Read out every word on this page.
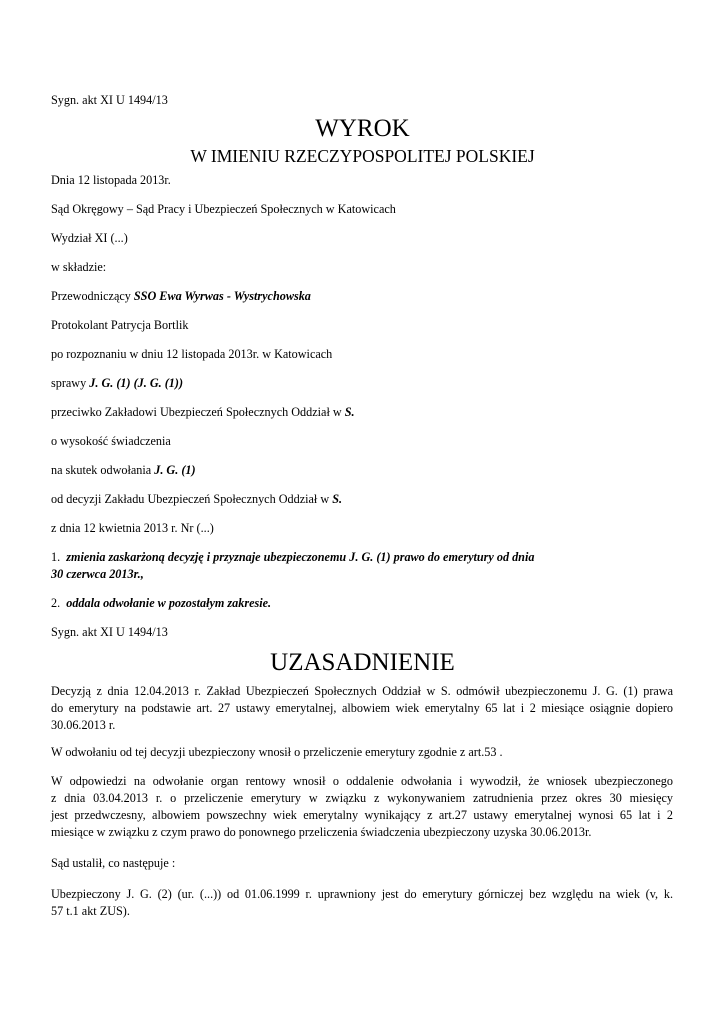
Sygn. akt XI U 1494/13
WYROK
W IMIENIU RZECZYPOSPOLITEJ POLSKIEJ
Dnia 12 listopada 2013r.
Sąd Okręgowy – Sąd Pracy i Ubezpieczeń Społecznych w Katowicach
Wydział XI (...)
w składzie:
Przewodniczący SSO Ewa Wyrwas - Wystrychowska
Protokolant Patrycja Bortlik
po rozpoznaniu w dniu 12 listopada 2013r. w Katowicach
sprawy J. G. (1) (J. G. (1))
przeciwko Zakładowi Ubezpieczeń Społecznych Oddział w S.
o wysokość świadczenia
na skutek odwołania J. G. (1)
od decyzji Zakładu Ubezpieczeń Społecznych Oddział w S.
z dnia 12 kwietnia 2013 r. Nr (...)
1. zmienia zaskarżoną decyzję i przyznaje ubezpieczonemu J. G. (1) prawo do emerytury od dnia
30 czerwca 2013r.,
2. oddala odwołanie w pozostałym zakresie.
Sygn. akt XI U 1494/13
UZASADNIENIE
Decyzją z dnia 12.04.2013 r. Zakład Ubezpieczeń Społecznych Oddział w S. odmówił ubezpieczonemu J. G. (1) prawa
do emerytury na podstawie art. 27 ustawy emerytalnej, albowiem wiek emerytalny 65 lat i 2 miesiące osiągnie dopiero
30.06.2013 r.
W odwołaniu od tej decyzji ubezpieczony wnosił o przeliczenie emerytury zgodnie z art.53 .
W odpowiedzi na odwołanie organ rentowy wnosił o oddalenie odwołania i wywodził, że wniosek ubezpieczonego
z dnia 03.04.2013 r. o przeliczenie emerytury w związku z wykonywaniem zatrudnienia przez okres 30 miesięcy
jest przedwczesny, albowiem powszechny wiek emerytalny wynikający z art.27 ustawy emerytalnej wynosi 65 lat i 2
miesiące w związku z czym prawo do ponownego przeliczenia świadczenia ubezpieczony uzyska 30.06.2013r.
Sąd ustalił, co następuje :
Ubezpieczony J. G. (2) (ur. (...)) od 01.06.1999 r. uprawniony jest do emerytury górniczej bez względu na wiek (v, k.
57 t.1 akt ZUS).
